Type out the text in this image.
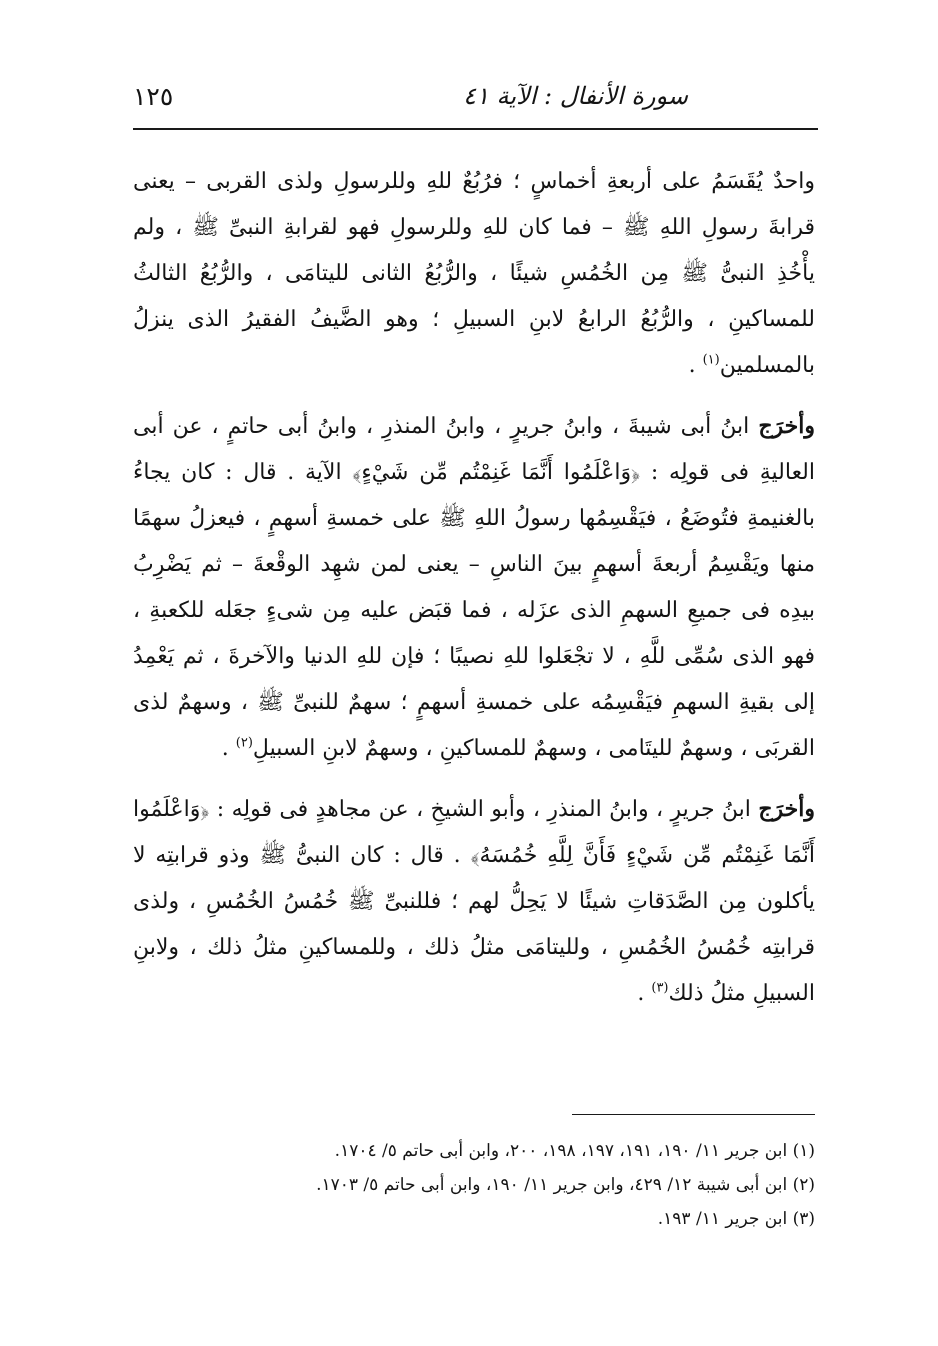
سورة الأنفال : الآية ٤١
١٢٥

واحدٌ يُقَسَمُ على أربعةِ أخماسٍ ؛ فرُبُعٌ للهِ وللرسولِ ولذى القربى – يعنى قرابةَ رسولِ اللهِ ﷺ – فما كان للهِ وللرسولِ فهو لقرابةِ النبىِّ ﷺ ، ولم يأْخُذِ النبىُّ ﷺ مِن الخُمُسِ شيئًا ، والرُّبُعُ الثانى لليتامَى ، والرُّبُعُ الثالثُ للمساكينِ ، والرُّبُعُ الرابعُ لابنِ السبيلِ ؛ وهو الضَّيفُ الفقيرُ الذى ينزلُ بالمسلمين$^{(١)}$ .

وأخرَج ابنُ أبى شيبةَ ، وابنُ جريرٍ ، وابنُ المنذرِ ، وابنُ أبى حاتمٍ ، عن أبى العاليةِ فى قولِه : ﴿وَاعْلَمُوا أَنَّمَا غَنِمْتُم مِّن شَيْءٍ﴾ الآية . قال : كان يجاءُ بالغنيمةِ فتُوضَعُ ، فيَقْسِمُها رسولُ اللهِ ﷺ على خمسةِ أسهمٍ ، فيعزلُ سهمًا منها ويَقْسِمُ أربعةَ أسهمٍ بينَ الناسِ – يعنى لمن شهِد الوقْعةَ – ثم يَضْرِبُ بيدِه فى جميعِ السهمِ الذى عزَله ، فما قبَض عليه مِن شىءٍ جعَله للكعبةِ ، فهو الذى سُمِّى للَّهِ ، لا تجْعَلوا للهِ نصيبًا ؛ فإن للهِ الدنيا والآخرةَ ، ثم يَعْمِدُ إلى بقيةِ السهمِ فيَقْسِمُه على خمسةِ أسهمٍ ؛ سهمٌ للنبىِّ ﷺ ، وسهمٌ لذى القربَى ، وسهمٌ لليتَامى ، وسهمٌ للمساكينِ ، وسهمٌ لابنِ السبيلِ$^{(٢)}$ .

وأخرَج ابنُ جريرٍ ، وابنُ المنذرِ ، وأبو الشيخِ ، عن مجاهدٍ فى قولِه : ﴿وَاعْلَمُوا أَنَّمَا غَنِمْتُم مِّن شَيْءٍ فَأَنَّ لِلَّهِ خُمُسَهُ﴾ . قال : كان النبىُّ ﷺ وذو قرابتِه لا يأكلون مِن الصَّدَقاتِ شيئًا لا يَحِلُّ لهم ؛ فللنبىِّ ﷺ خُمُسُ الخُمُسِ ، ولذى قرابتِه خُمُسُ الخُمُسِ ، ولليتامَى مثلُ ذلك ، وللمساكينِ مثلُ ذلك ، ولابنِ السبيلِ مثلُ ذلك$^{(٣)}$ .

(١) ابن جرير ١١/ ١٩٠، ١٩١، ١٩٧، ١٩٨، ٢٠٠، وابن أبى حاتم ٥/ ١٧٠٤.

(٢) ابن أبى شيبة ١٢/ ٤٢٩، وابن جرير ١١/ ١٩٠، وابن أبى حاتم ٥/ ١٧٠٣.

(٣) ابن جرير ١١/ ١٩٣.
